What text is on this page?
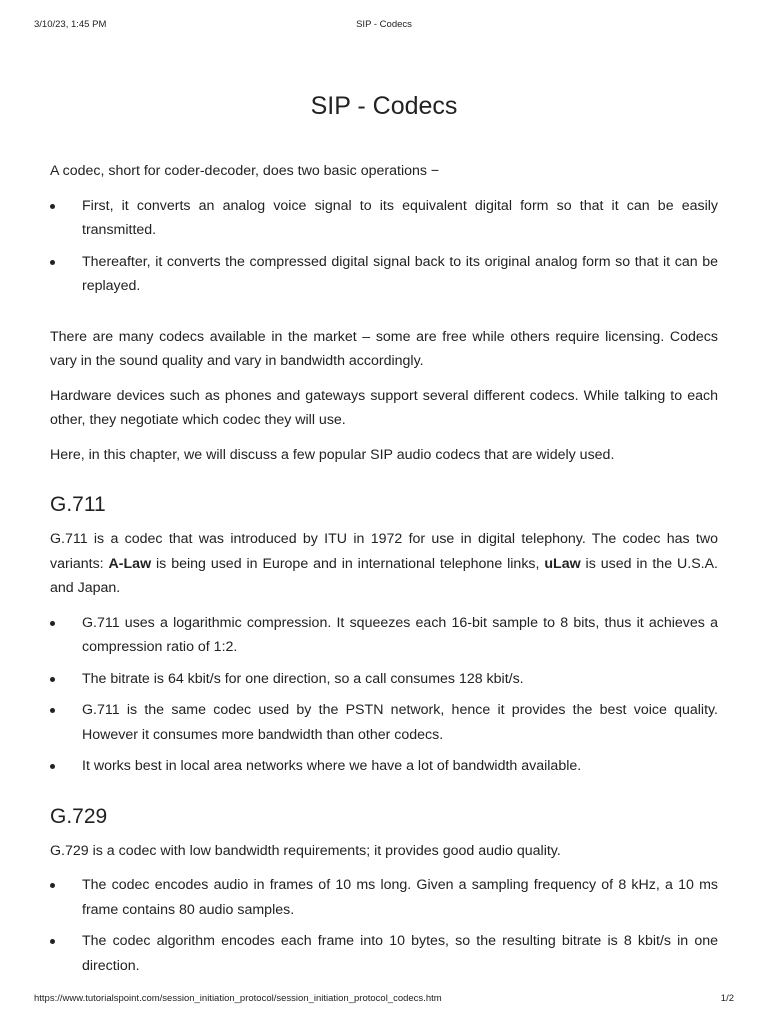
3/10/23, 1:45 PM	SIP - Codecs
SIP - Codecs

A codec, short for coder-decoder, does two basic operations −

First, it converts an analog voice signal to its equivalent digital form so that it can be easily transmitted.
Thereafter, it converts the compressed digital signal back to its original analog form so that it can be replayed.

There are many codecs available in the market – some are free while others require licensing. Codecs vary in the sound quality and vary in bandwidth accordingly.

Hardware devices such as phones and gateways support several different codecs. While talking to each other, they negotiate which codec they will use.

Here, in this chapter, we will discuss a few popular SIP audio codecs that are widely used.

G.711

G.711 is a codec that was introduced by ITU in 1972 for use in digital telephony. The codec has two variants: A-Law is being used in Europe and in international telephone links, uLaw is used in the U.S.A. and Japan.

G.711 uses a logarithmic compression. It squeezes each 16-bit sample to 8 bits, thus it achieves a compression ratio of 1:2.
The bitrate is 64 kbit/s for one direction, so a call consumes 128 kbit/s.
G.711 is the same codec used by the PSTN network, hence it provides the best voice quality. However it consumes more bandwidth than other codecs.
It works best in local area networks where we have a lot of bandwidth available.
G.729

G.729 is a codec with low bandwidth requirements; it provides good audio quality.

The codec encodes audio in frames of 10 ms long. Given a sampling frequency of 8 kHz, a 10 ms frame contains 80 audio samples.
The codec algorithm encodes each frame into 10 bytes, so the resulting bitrate is 8 kbit/s in one direction.
https://www.tutorialspoint.com/session_initiation_protocol/session_initiation_protocol_codecs.htm	1/2
